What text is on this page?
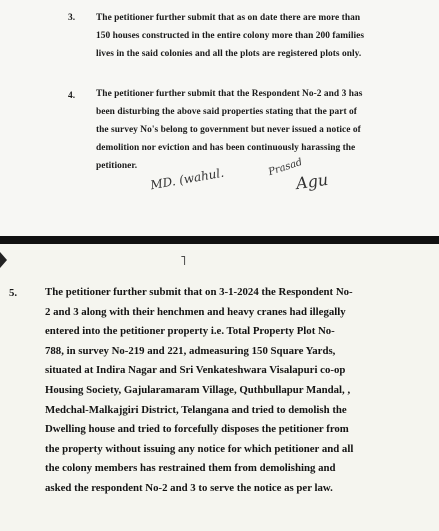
3. The petitioner further submit that as on date there are more than
150 houses constructed in the entire colony more than 200 families
lives in the said colonies and all the plots are registered plots only.
4. The petitioner further submit that the Respondent No-2 and 3 has
been disturbing the above said properties stating that the part of
the survey No's belong to government but never issued a notice of
demolition nor eviction and has been continuously harassing the
petitioner.	MD. (wahul.	Prasad
Agu
˥
5.	The petitioner further submit that on 3-1-2024 the Respondent No-
2 and 3 along with their henchmen and heavy cranes had illegally
entered into the petitioner property i.e. Total Property Plot No-
788, in survey No-219 and 221, admeasuring 150 Square Yards,
situated at Indira Nagar and Sri Venkateshwara Visalapuri co-op
Housing Society, Gajularamaram Village, Quthbullapur Mandal, ,
Medchal-Malkajgiri District, Telangana and tried to demolish the
Dwelling house and tried to forcefully disposes the petitioner from
the property without issuing any notice for which petitioner and all
the colony members has restrained them from demolishing and
asked the respondent No-2 and 3 to serve the notice as per law.
